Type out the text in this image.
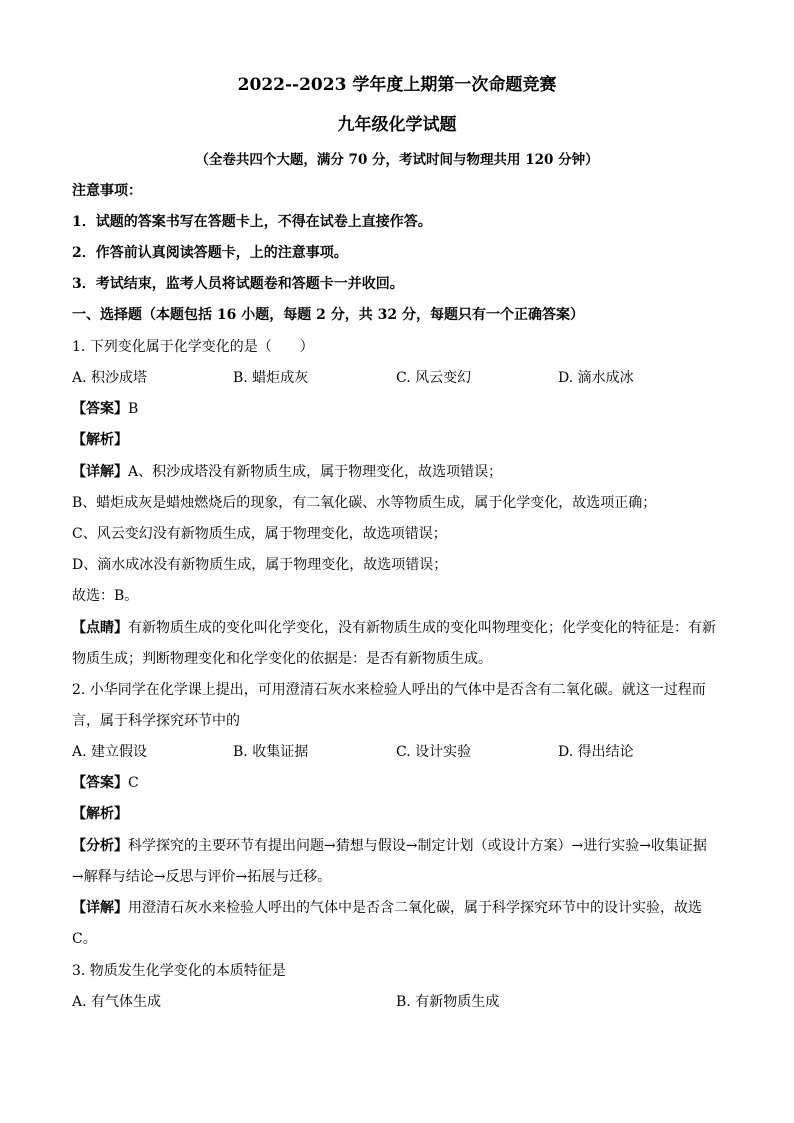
2022--2023 学年度上期第一次命题竞赛
九年级化学试题
（全卷共四个大题，满分 70 分，考试时间与物理共用 120 分钟）
注意事项：
1．试题的答案书写在答题卡上，不得在试卷上直接作答。
2．作答前认真阅读答题卡，上的注意事项。
3．考试结束，监考人员将试题卷和答题卡一并收回。
一、选择题（本题包括 16 小题，每题 2 分，共 32 分，每题只有一个正确答案）
1. 下列变化属于化学变化的是（　　）
A. 积沙成塔	B. 蜡炬成灰	C. 风云变幻	D. 滴水成冰
【答案】B
【解析】
【详解】A、积沙成塔没有新物质生成，属于物理变化，故选项错误；
B、蜡炬成灰是蜡烛燃烧后的现象，有二氧化碳、水等物质生成，属于化学变化，故选项正确；
C、风云变幻没有新物质生成，属于物理变化，故选项错误；
D、滴水成冰没有新物质生成，属于物理变化，故选项错误；
故选：B。
【点睛】有新物质生成的变化叫化学变化，没有新物质生成的变化叫物理变化；化学变化的特征是：有新
物质生成；判断物理变化和化学变化的依据是：是否有新物质生成。
2. 小华同学在化学课上提出，可用澄清石灰水来检验人呼出的气体中是否含有二氧化碳。就这一过程而
言，属于科学探究环节中的
A. 建立假设	B. 收集证据	C. 设计实验	D. 得出结论
【答案】C
【解析】
【分析】科学探究的主要环节有提出问题→猜想与假设→制定计划（或设计方案）→进行实验→收集证据
→解释与结论→反思与评价→拓展与迁移。
【详解】用澄清石灰水来检验人呼出的气体中是否含二氧化碳，属于科学探究环节中的设计实验，故选
C。
3. 物质发生化学变化的本质特征是
A. 有气体生成	B. 有新物质生成
